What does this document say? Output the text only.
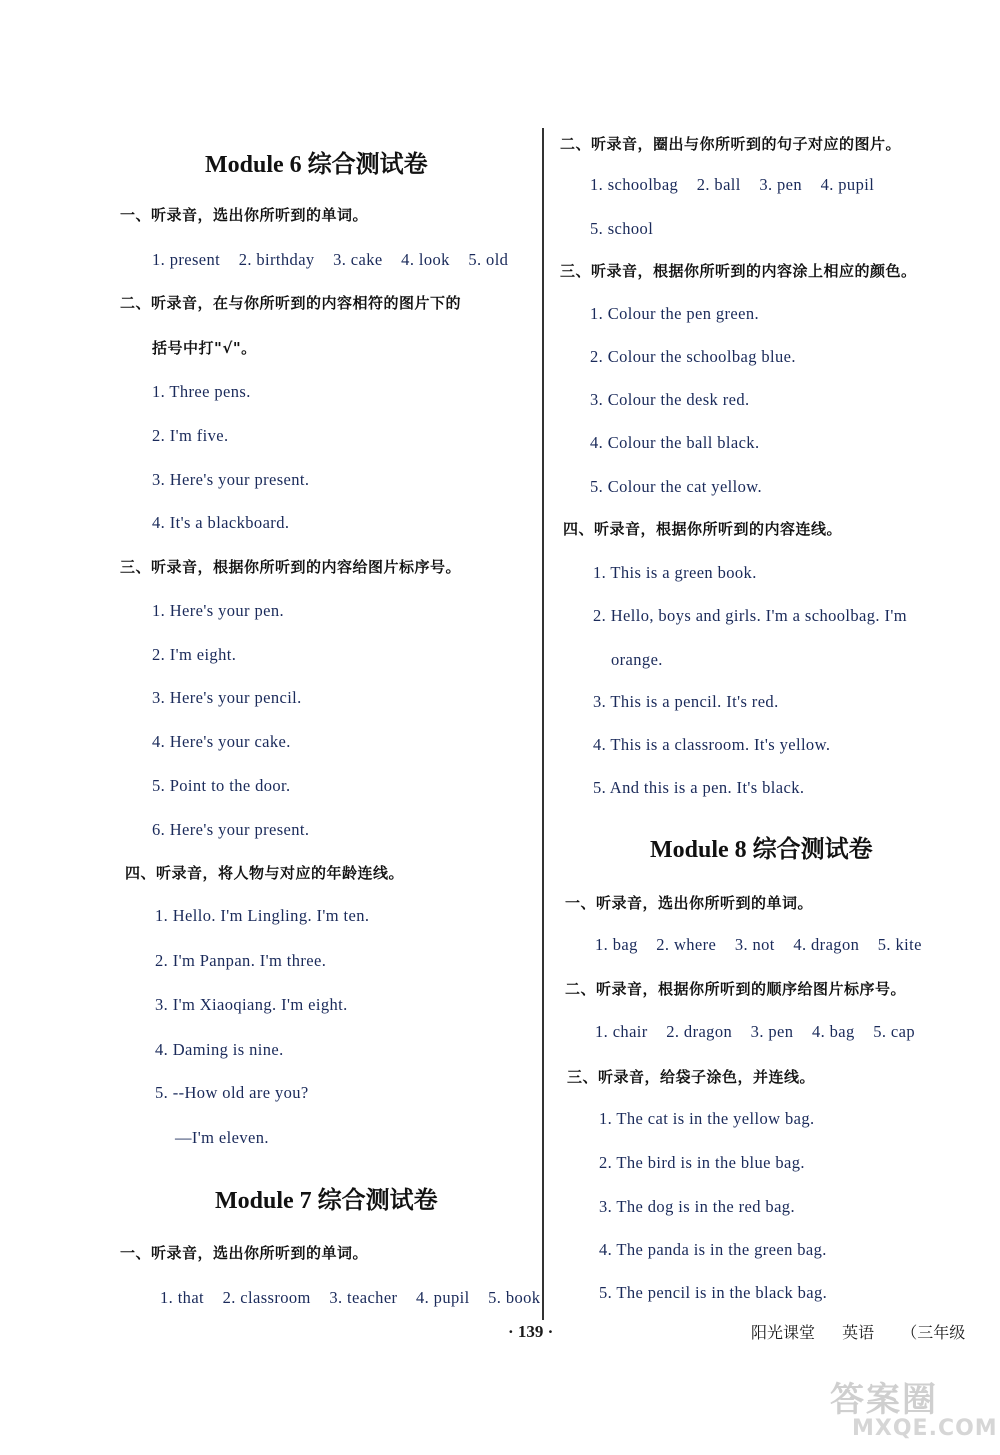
Module 6 综合测试卷
一、听录音，选出你所听到的单词。
1. present 2. birthday 3. cake 4. look 5. old
二、听录音，在与你所听到的内容相符的图片下的
括号中打"√"。
1. Three pens.
2. I'm five.
3. Here's your present.
4. It's a blackboard.
三、听录音，根据你所听到的内容给图片标序号。
1. Here's your pen.
2. I'm eight.
3. Here's your pencil.
4. Here's your cake.
5. Point to the door.
6. Here's your present.
四、听录音，将人物与对应的年龄连线。
1. Hello. I'm Lingling. I'm ten.
2. I'm Panpan. I'm three.
3. I'm Xiaoqiang. I'm eight.
4. Daming is nine.
5. --How old are you?
—I'm eleven.
Module 7 综合测试卷
一、听录音，选出你所听到的单词。
1. that 2. classroom 3. teacher 4. pupil 5. book
二、听录音，圈出与你所听到的句子对应的图片。
1. schoolbag 2. ball 3. pen 4. pupil
5. school
三、听录音，根据你所听到的内容涂上相应的颜色。
1. Colour the pen green.
2. Colour the schoolbag blue.
3. Colour the desk red.
4. Colour the ball black.
5. Colour the cat yellow.
四、听录音，根据你所听到的内容连线。
1. This is a green book.
2. Hello, boys and girls. I'm a schoolbag. I'm
orange.
3. This is a pencil. It's red.
4. This is a classroom. It's yellow.
5. And this is a pen. It's black.
Module 8 综合测试卷
一、听录音，选出你所听到的单词。
1. bag 2. where 3. not 4. dragon 5. kite
二、听录音，根据你所听到的顺序给图片标序号。
1. chair 2. dragon 3. pen 4. bag 5. cap
三、听录音，给袋子涂色，并连线。
1. The cat is in the yellow bag.
2. The bird is in the blue bag.
3. The dog is in the red bag.
4. The panda is in the green bag.
5. The pencil is in the black bag.
· 139 ·	阳光课堂 英语 （三年级
答案圈
MXQE.COM
